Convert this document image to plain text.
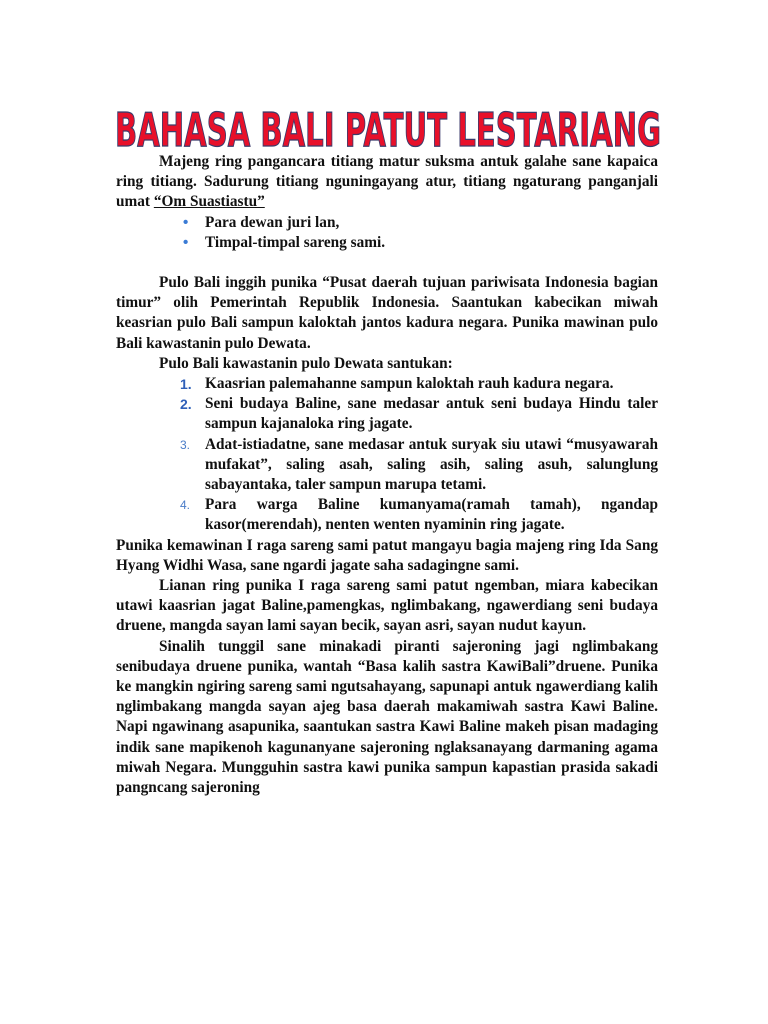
BAHASA BALI PATUT LESTARIANG

Majeng ring pangancara titiang matur suksma antuk galahe sane kapaica ring titiang. Sadurung titiang nguningayang atur, titiang ngaturang panganjali umat “Om Suastiastu”

•	Para dewan juri lan,
•	Timpal-timpal sareng sami.

Pulo Bali inggih punika “Pusat daerah tujuan pariwisata Indonesia bagian timur” olih Pemerintah Republik Indonesia. Saantukan kabecikan miwah keasrian pulo Bali sampun kaloktah jantos kadura negara. Punika mawinan pulo Bali kawastanin pulo Dewata.

Pulo Bali kawastanin pulo Dewata santukan:

1. Kaasrian palemahanne sampun kaloktah rauh kadura negara.
2. Seni budaya Baline, sane medasar antuk seni budaya Hindu taler sampun kajanaloka ring jagate.
3. Adat-istiadatne, sane medasar antuk suryak siu utawi “musyawarah mufakat”, saling asah, saling asih, saling asuh, salunglung sabayantaka, taler sampun marupa tetami.
4. Para warga Baline kumanyama(ramah tamah), ngandap kasor(merendah), nenten wenten nyaminin ring jagate.

Punika kemawinan I raga sareng sami patut mangayu bagia majeng ring Ida Sang Hyang Widhi Wasa, sane ngardi jagate saha sadagingne sami.

Lianan ring punika I raga sareng sami patut ngemban, miara kabecikan utawi kaasrian jagat Baline,pamengkas, nglimbakang, ngawerdiang seni budaya druene, mangda sayan lami sayan becik, sayan asri, sayan nudut kayun.

Sinalih tunggil sane minakadi piranti sajeroning jagi nglimbakang senibudaya druene punika, wantah “Basa kalih sastra KawiBali”druene. Punika ke mangkin ngiring sareng sami ngutsahayang, sapunapi antuk ngawerdiang kalih nglimbakang mangda sayan ajeg basa daerah makamiwah sastra Kawi Baline. Napi ngawinang asapunika, saantukan sastra Kawi Baline makeh pisan madaging indik sane mapikenoh kagunanyane sajeroning nglaksanayang darmaning agama miwah Negara. Mungguhin sastra kawi punika sampun kapastian prasida sakadi pangncang sajeroning
